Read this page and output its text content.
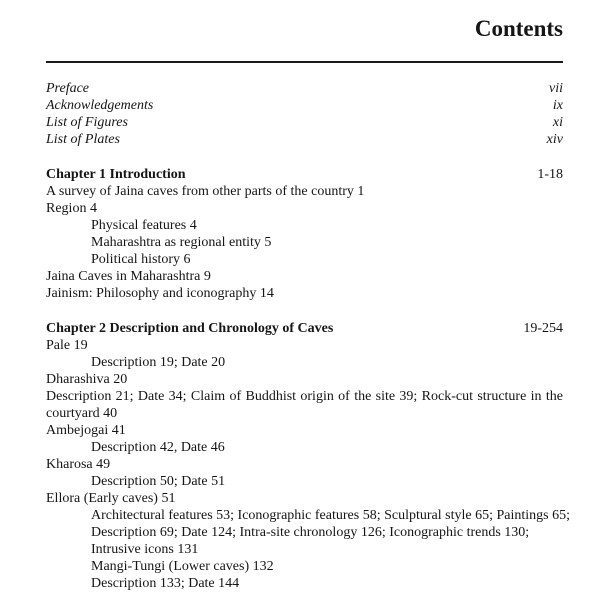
Contents
Preface	vii
Acknowledgements	ix
List of Figures	xi
List of Plates	xiv
Chapter 1 Introduction	1-18
A survey of Jaina caves from other parts of the country 1
Region 4
Physical features 4
Maharashtra as regional entity 5
Political history 6
Jaina Caves in Maharashtra 9
Jainism: Philosophy and iconography 14
Chapter 2 Description and Chronology of Caves	19-254
Pale 19
Description 19; Date 20
Dharashiva 20
Description 21; Date 34; Claim of Buddhist origin of the site 39; Rock-cut structure in the
courtyard 40
Ambejogai 41
Description 42, Date 46
Kharosa 49
Description 50; Date 51
Ellora (Early caves) 51
Architectural features 53; Iconographic features 58; Sculptural style 65; Paintings 65;
Description 69; Date 124; Intra-site chronology 126; Iconographic trends 130;
Intrusive icons 131
Mangi-Tungi (Lower caves) 132
Description 133; Date 144
